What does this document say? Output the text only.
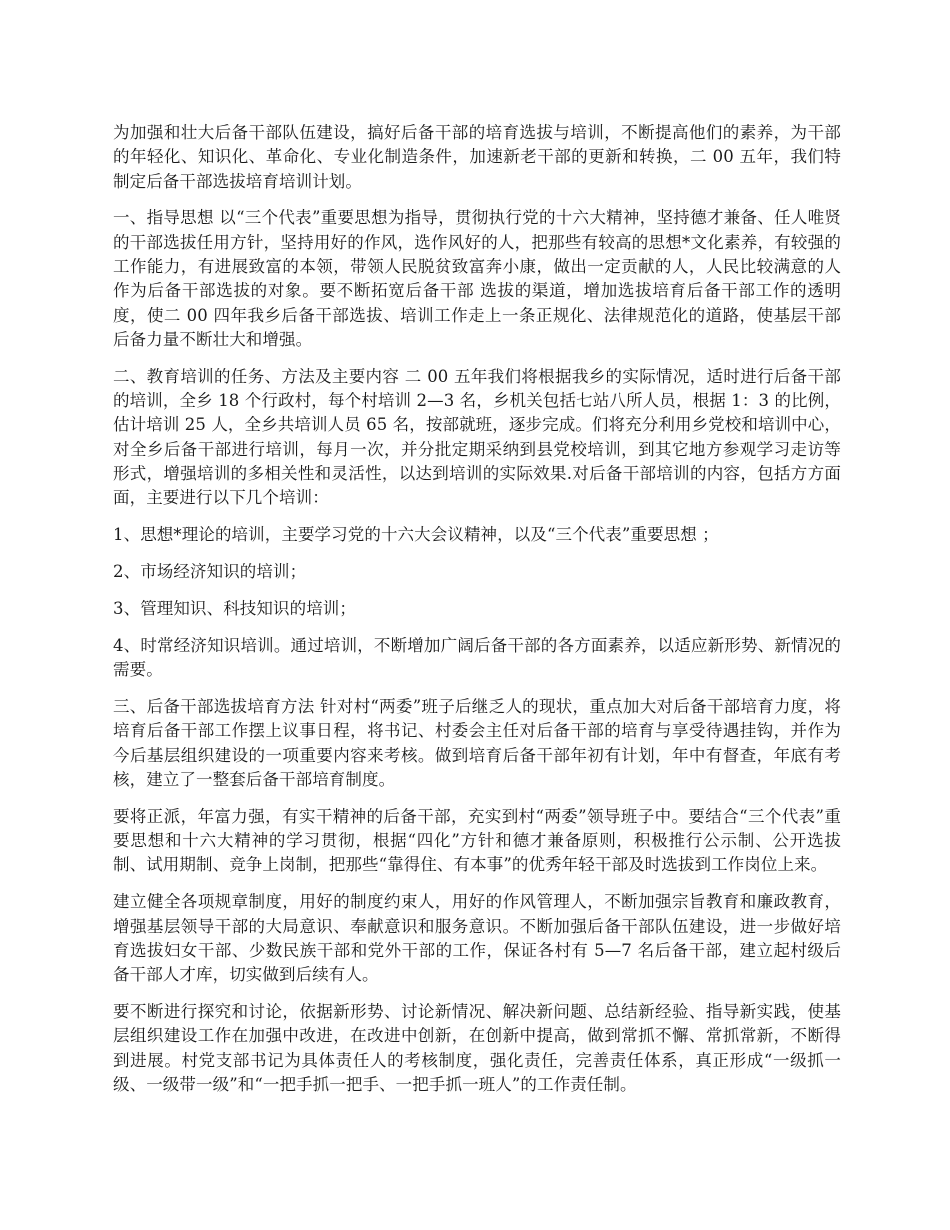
为加强和壮大后备干部队伍建设，搞好后备干部的培育选拔与培训，不断提高他们的素养，为干部的年轻化、知识化、革命化、专业化制造条件，加速新老干部的更新和转换，二 00 五年，我们特制定后备干部选拔培育培训计划。

一、指导思想 以“三个代表”重要思想为指导，贯彻执行党的十六大精神，坚持德才兼备、任人唯贤的干部选拔任用方针，坚持用好的作风，选作风好的人，把那些有较高的思想*文化素养，有较强的工作能力，有进展致富的本领，带领人民脱贫致富奔小康，做出一定贡献的人，人民比较满意的人作为后备干部选拔的对象。要不断拓宽后备干部 选拔的渠道，增加选拔培育后备干部工作的透明度，使二 00 四年我乡后备干部选拔、培训工作走上一条正规化、法律规范化的道路，使基层干部后备力量不断壮大和增强。

二、教育培训的任务、方法及主要内容 二 00 五年我们将根据我乡的实际情况，适时进行后备干部的培训，全乡 18 个行政村，每个村培训 2—3 名，乡机关包括七站八所人员，根据 1：3 的比例，估计培训 25 人，全乡共培训人员 65 名，按部就班，逐步完成。们将充分利用乡党校和培训中心，对全乡后备干部进行培训，每月一次，并分批定期采纳到县党校培训，到其它地方参观学习走访等形式，增强培训的多相关性和灵活性，以达到培训的实际效果.对后备干部培训的内容，包括方方面面，主要进行以下几个培训：

1、思想*理论的培训，主要学习党的十六大会议精神，以及“三个代表”重要思想 ；

2、市场经济知识的培训；

3、管理知识、科技知识的培训；

4、时常经济知识培训。通过培训，不断增加广阔后备干部的各方面素养，以适应新形势、新情况的需要。

三、后备干部选拔培育方法 针对村“两委”班子后继乏人的现状，重点加大对后备干部培育力度，将培育后备干部工作摆上议事日程，将书记、村委会主任对后备干部的培育与享受待遇挂钩，并作为今后基层组织建设的一项重要内容来考核。做到培育后备干部年初有计划，年中有督查，年底有考核，建立了一整套后备干部培育制度。

要将正派，年富力强，有实干精神的后备干部，充实到村“两委”领导班子中。要结合“三个代表”重要思想和十六大精神的学习贯彻，根据“四化”方针和德才兼备原则，积极推行公示制、公开选拔制、试用期制、竞争上岗制，把那些“靠得住、有本事”的优秀年轻干部及时选拔到工作岗位上来。

建立健全各项规章制度，用好的制度约束人，用好的作风管理人，不断加强宗旨教育和廉政教育，增强基层领导干部的大局意识、奉献意识和服务意识。不断加强后备干部队伍建设，进一步做好培育选拔妇女干部、少数民族干部和党外干部的工作，保证各村有 5—7 名后备干部，建立起村级后备干部人才库，切实做到后续有人。

要不断进行探究和讨论，依据新形势、讨论新情况、解决新问题、总结新经验、指导新实践，使基层组织建设工作在加强中改进，在改进中创新，在创新中提高，做到常抓不懈、常抓常新，不断得到进展。村党支部书记为具体责任人的考核制度，强化责任，完善责任体系，真正形成“一级抓一级、一级带一级”和“一把手抓一把手、一把手抓一班人”的工作责任制。
